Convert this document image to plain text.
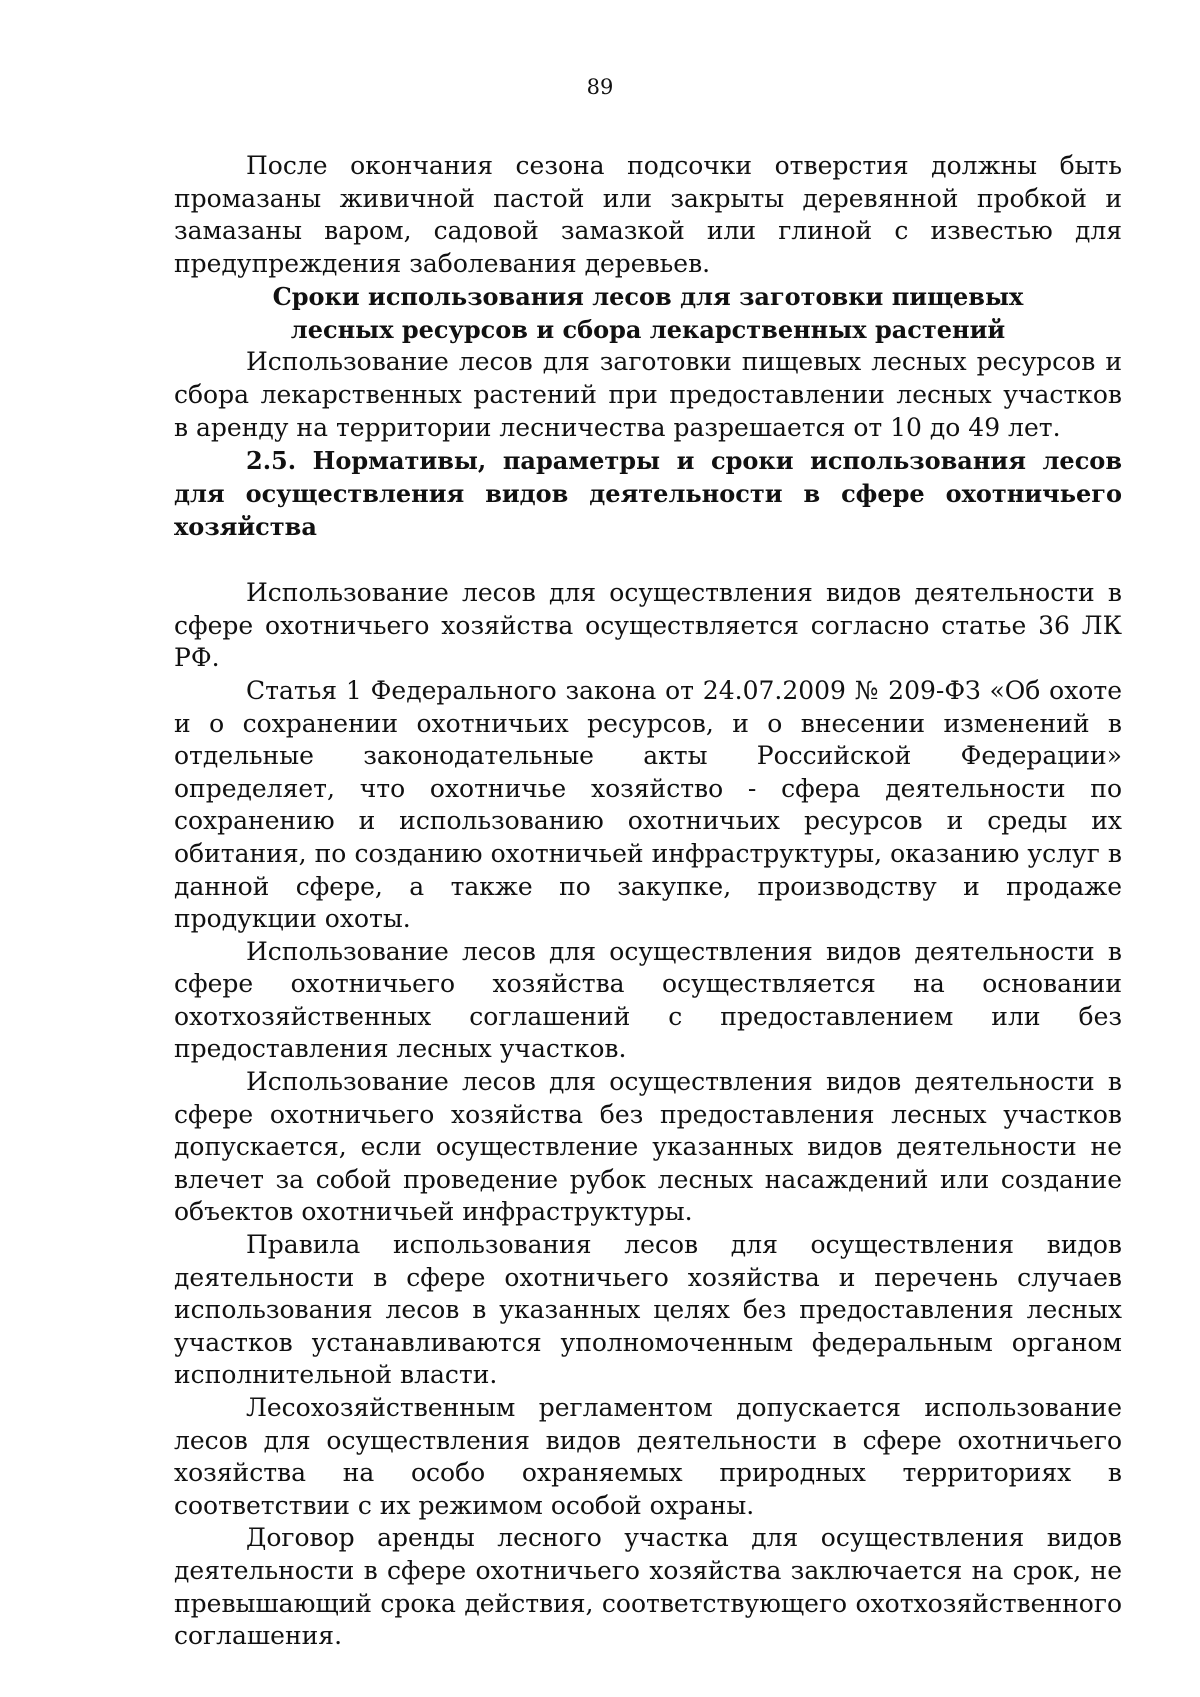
89

После окончания сезона подсочки отверстия должны быть промазаны живичной пастой или закрыты деревянной пробкой и замазаны варом, садовой замазкой или глиной с известью для предупреждения заболевания деревьев.

Сроки использования лесов для заготовки пищевых
лесных ресурсов и сбора лекарственных растений

Использование лесов для заготовки пищевых лесных ресурсов и сбора лекарственных растений при предоставлении лесных участков в аренду на территории лесничества разрешается от 10 до 49 лет.

2.5. Нормативы, параметры и сроки использования лесов
для осуществления видов деятельности в сфере охотничьего хозяйства

Использование лесов для осуществления видов деятельности в сфере охотничьего хозяйства осуществляется согласно статье 36 ЛК РФ.

Статья 1 Федерального закона от 24.07.2009 № 209-ФЗ «Об охоте и о сохранении охотничьих ресурсов, и о внесении изменений в отдельные законодательные акты Российской Федерации» определяет, что охотничье хозяйство - сфера деятельности по сохранению и использованию охотничьих ресурсов и среды их обитания, по созданию охотничьей инфраструктуры, оказанию услуг в данной сфере, а также по закупке, производству и продаже продукции охоты.

Использование лесов для осуществления видов деятельности в сфере охотничьего хозяйства осуществляется на основании охотхозяйственных соглашений с предоставлением или без предоставления лесных участков.

Использование лесов для осуществления видов деятельности в сфере охотничьего хозяйства без предоставления лесных участков допускается, если осуществление указанных видов деятельности не влечет за собой проведение рубок лесных насаждений или создание объектов охотничьей инфраструктуры.

Правила использования лесов для осуществления видов деятельности в сфере охотничьего хозяйства и перечень случаев использования лесов в указанных целях без предоставления лесных участков устанавливаются уполномоченным федеральным органом исполнительной власти.

Лесохозяйственным регламентом допускается использование лесов для осуществления видов деятельности в сфере охотничьего хозяйства на особо охраняемых природных территориях в соответствии с их режимом особой охраны.

Договор аренды лесного участка для осуществления видов деятельности в сфере охотничьего хозяйства заключается на срок, не превышающий срока действия, соответствующего охотхозяйственного соглашения.
